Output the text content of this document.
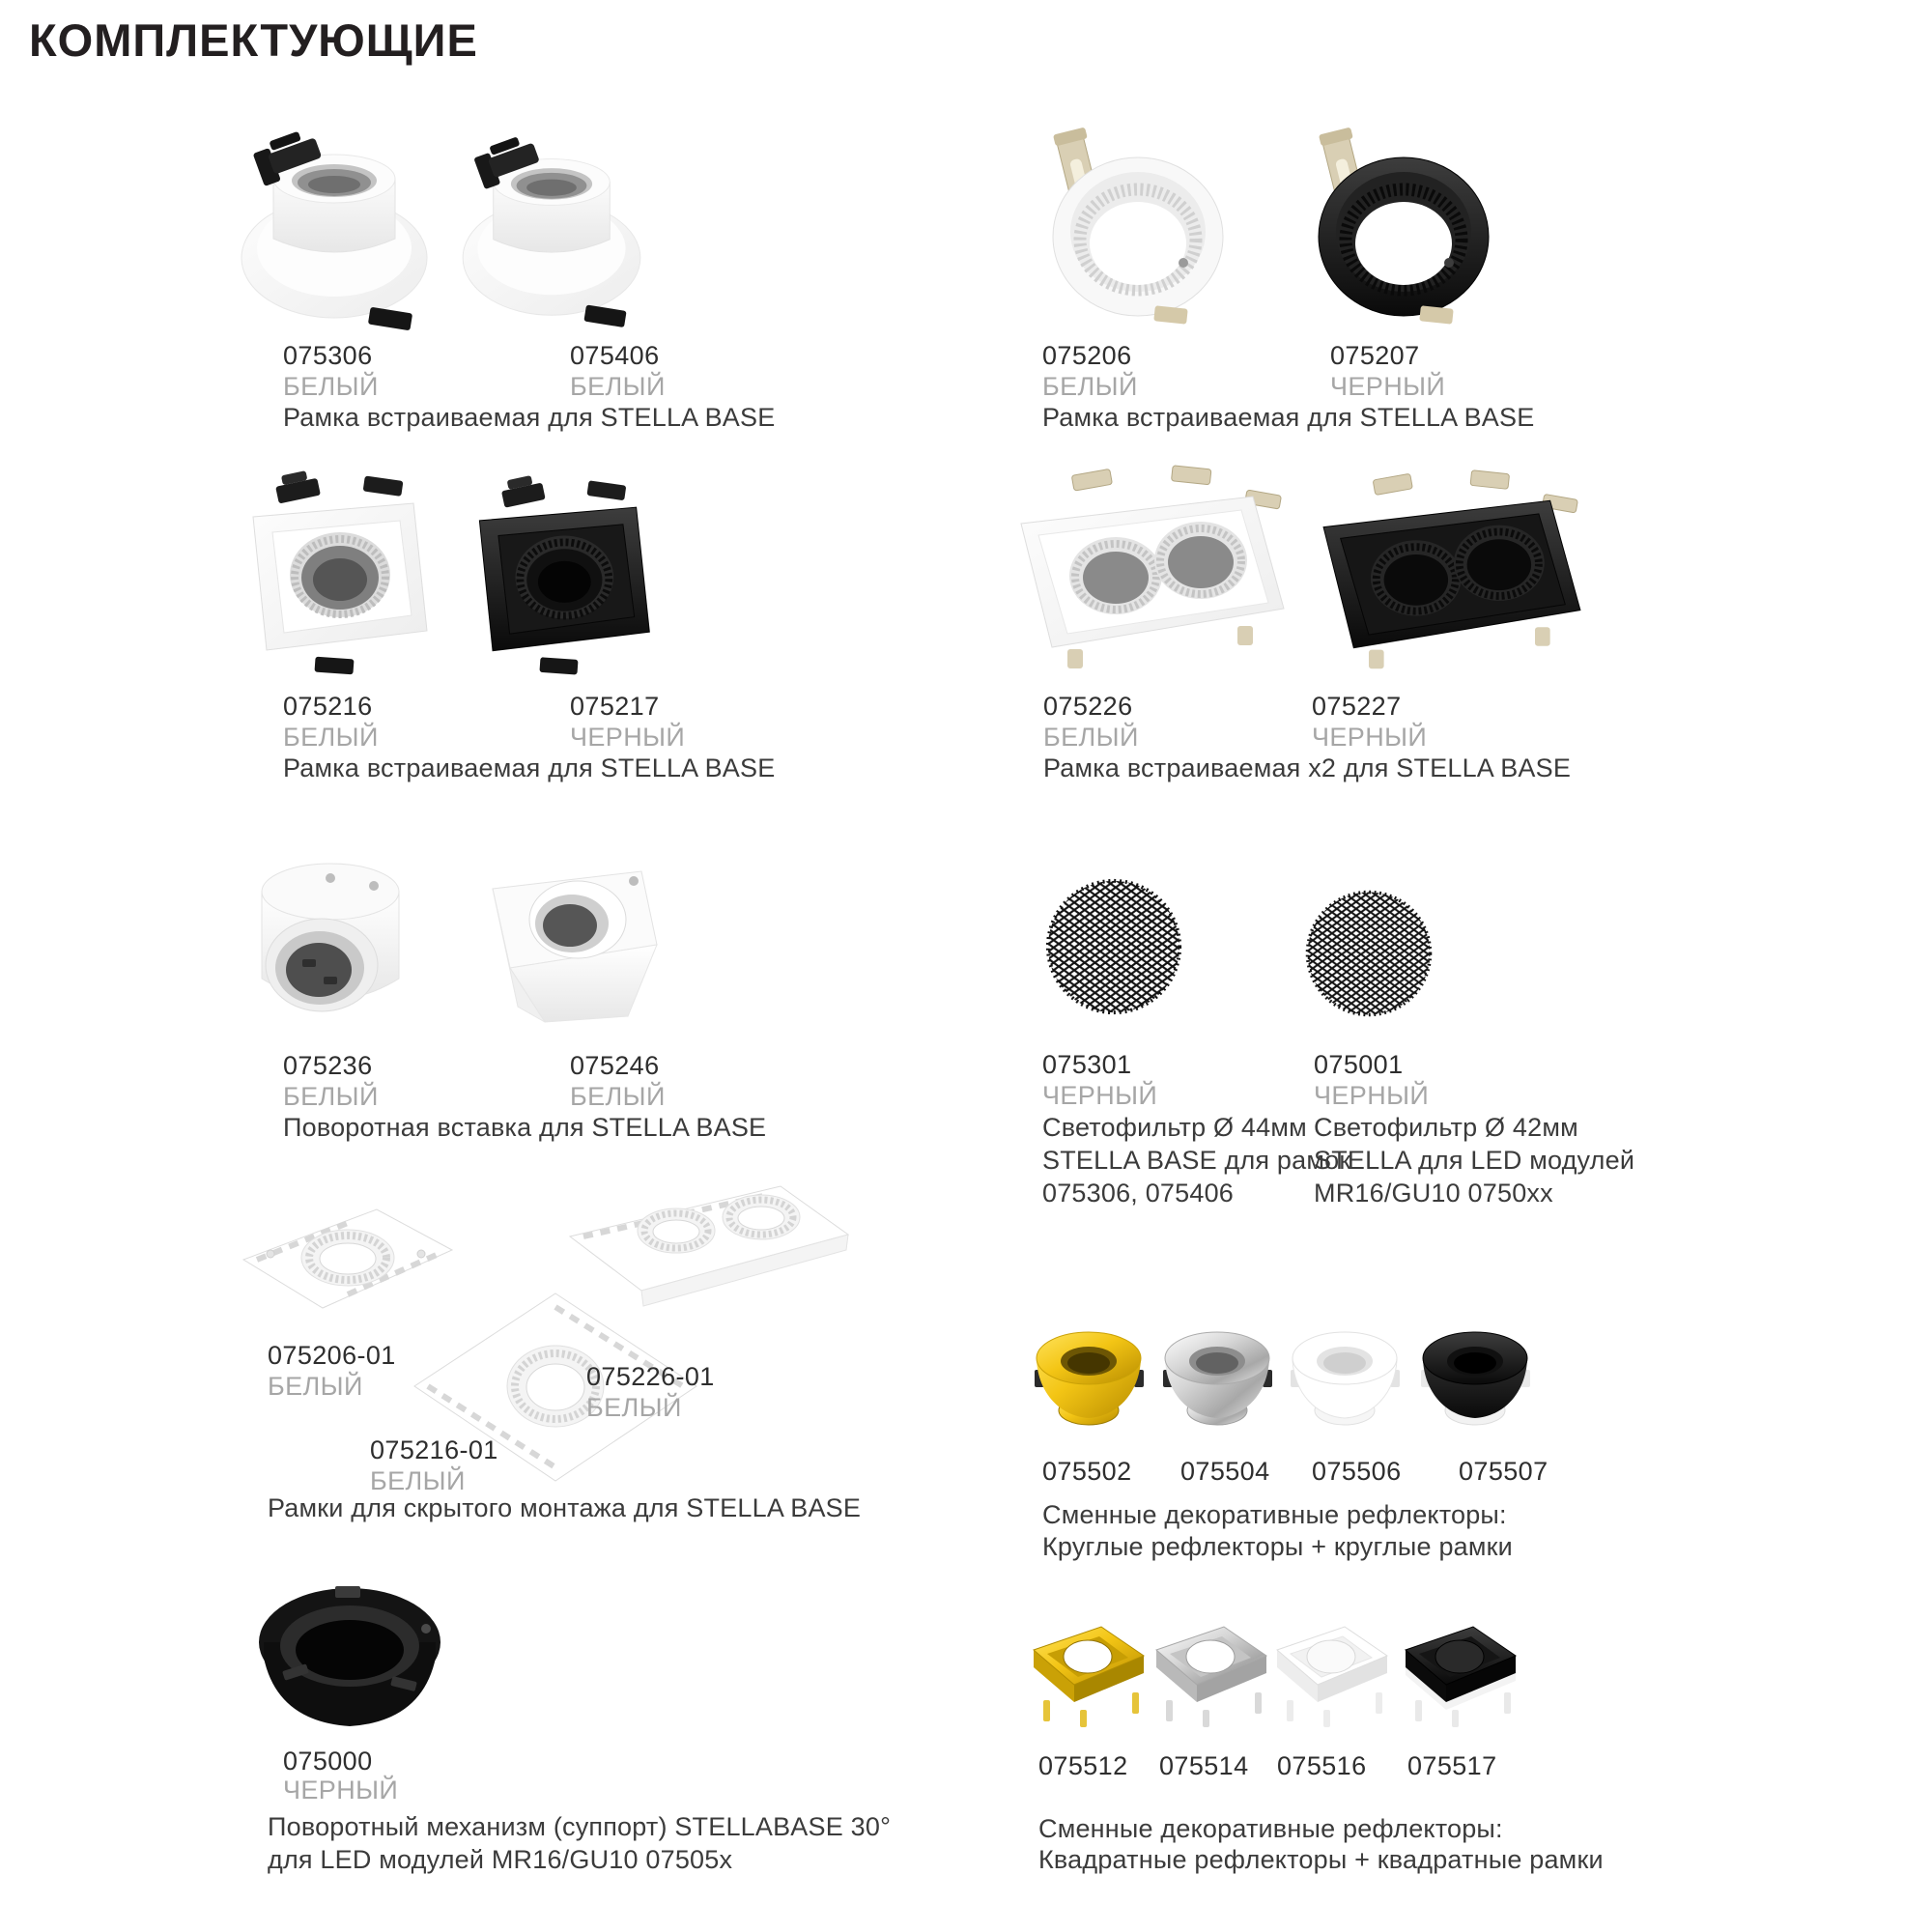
КОМПЛЕКТУЮЩИЕ
075306
БЕЛЫЙ
075406
БЕЛЫЙ
Рамка встраиваемая для STELLA BASE
075206
БЕЛЫЙ
075207
ЧЕРНЫЙ
Рамка встраиваемая для STELLA BASE
075216
БЕЛЫЙ
075217
ЧЕРНЫЙ
Рамка встраиваемая для STELLA BASE
075226
БЕЛЫЙ
075227
ЧЕРНЫЙ
Рамка встраиваемая x2 для STELLA BASE
075236
БЕЛЫЙ
075246
БЕЛЫЙ
Поворотная вставка для STELLA BASE
075301
ЧЕРНЫЙ
Светофильтр Ø 44мм
STELLA BASE для рамок
075306, 075406
075001
ЧЕРНЫЙ
Светофильтр Ø 42мм
STELLA для LED модулей
MR16/GU10 0750xx
075206-01
БЕЛЫЙ
075216-01
БЕЛЫЙ
075226-01
БЕЛЫЙ
Рамки для скрытого монтажа для STELLA BASE
075502 075504 075506 075507
Сменные декоративные рефлекторы:
Круглые рефлекторы + круглые рамки
075000
ЧЕРНЫЙ
Поворотный механизм (суппорт) STELLABASE 30°
для LED модулей MR16/GU10 07505x
075512 075514 075516 075517
Сменные декоративные рефлекторы:
Квадратные рефлекторы + квадратные рамки
